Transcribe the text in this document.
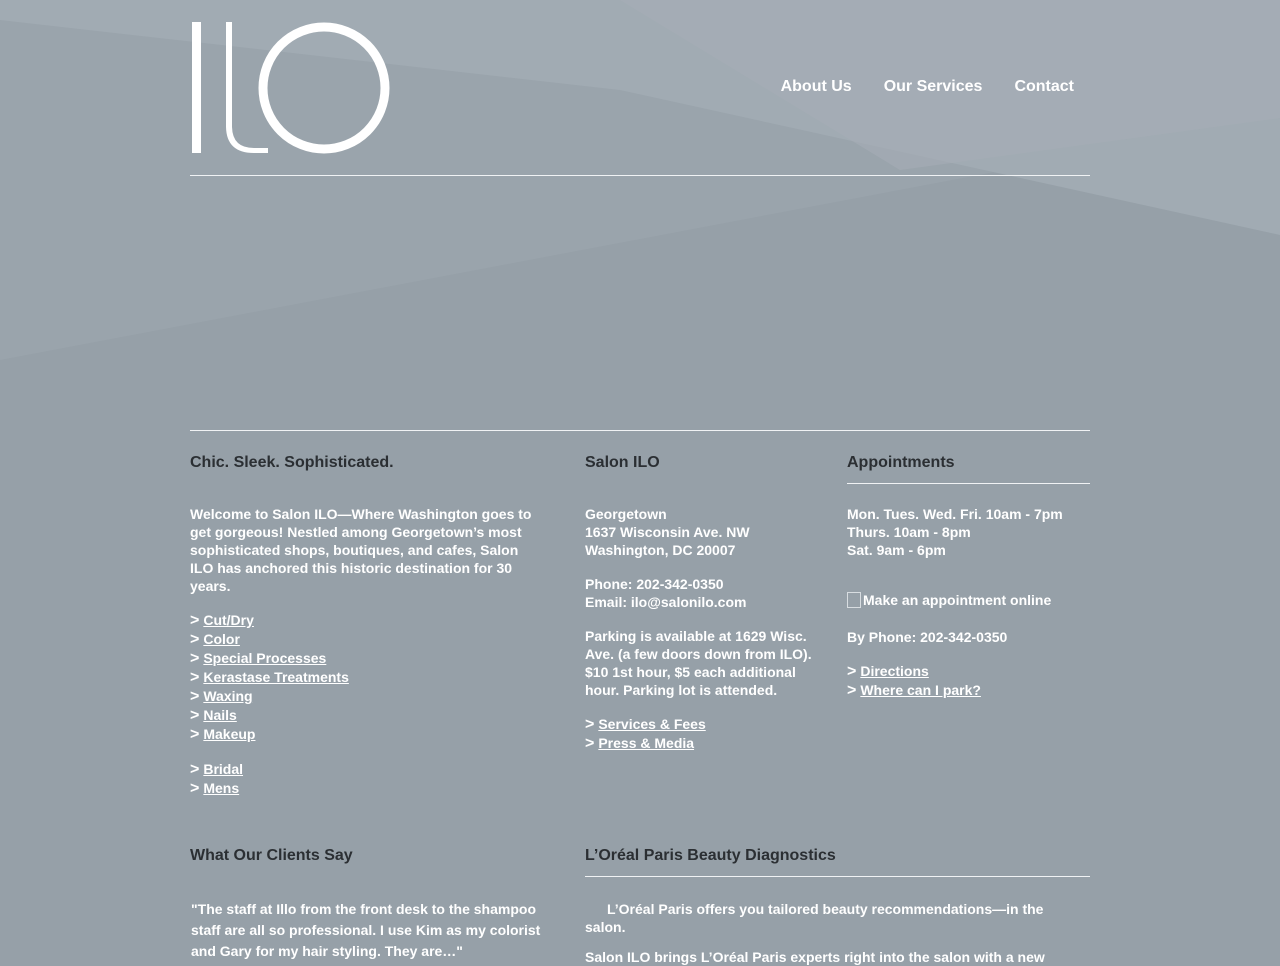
About Us Our Services Contact
Chic. Sleek. Sophisticated.

Welcome to Salon ILO—Where Washington goes to get gorgeous! Nestled among Georgetown’s most sophisticated shops, boutiques, and cafes, Salon ILO has anchored this historic destination for 30 years.

> Cut/Dry
> Color
> Special Processes
> Kerastase Treatments
> Waxing
> Nails
> Makeup
> Bridal
> Mens
Salon ILO

Georgetown

1637 Wisconsin Ave. NW

Washington, DC 20007

Phone: 202-342-0350

Email: ilo@salonilo.com

Parking is available at 1629 Wisc. Ave. (a few doors down from ILO). $10 1st hour, $5 each additional hour. Parking lot is attended.

> Services & Fees
> Press & Media
Appointments

Mon. Tues. Wed. Fri. 10am - 7pm

Thurs. 10am - 8pm

Sat. 9am - 6pm

Make an appointment online

By Phone: 202-342-0350

> Directions
> Where can I park?
What Our Clients Say

"The staff at Illo from the front desk to the shampoo staff are all so professional. I use Kim as my colorist and Gary for my hair styling. They are…"

L’Oréal Paris Beauty Diagnostics

L’Oréal Paris offers you tailored beauty recommendations—in the salon.

Salon ILO brings L’Oréal Paris experts right into the salon with a new
